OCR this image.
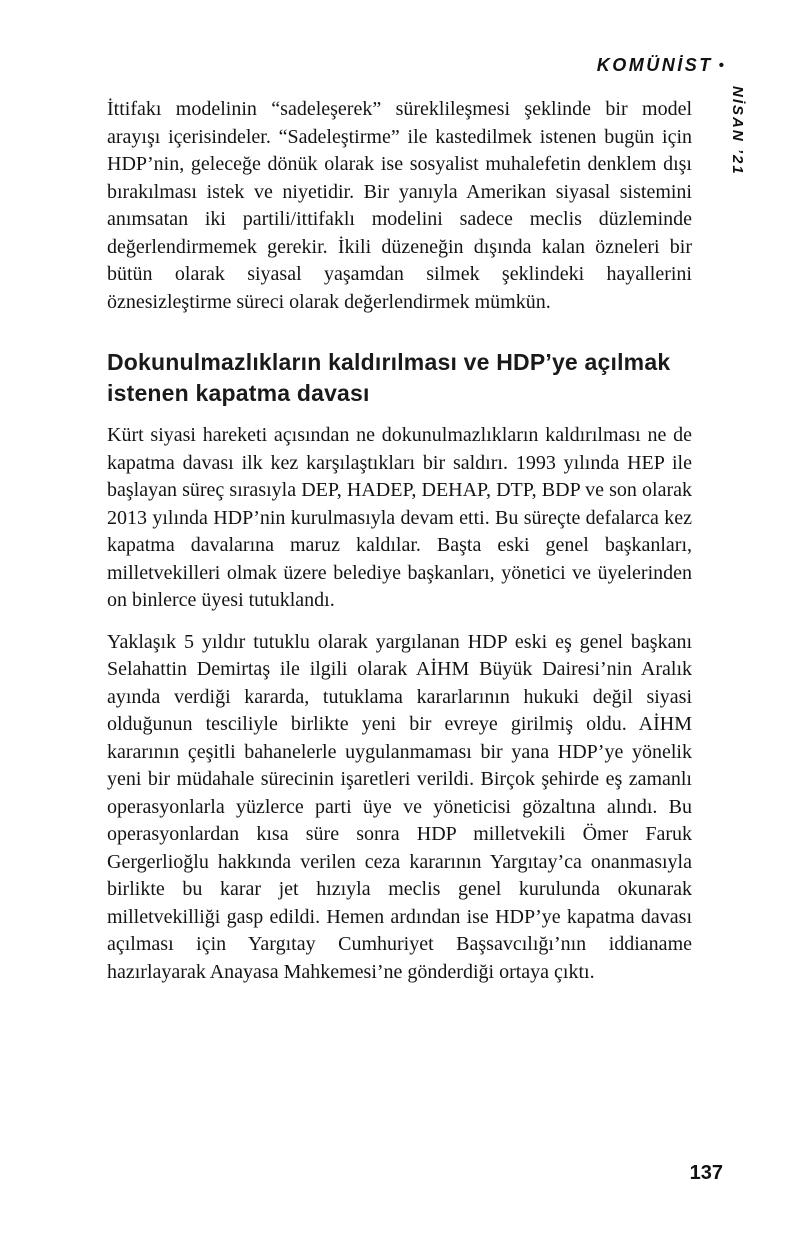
KOMÜNİST •
NİSAN ’21

İttifakı modelinin “sadeleşerek” süreklileşmesi şeklinde bir model arayışı içerisindeler. “Sadeleştirme” ile kastedilmek istenen bugün için HDP’nin, geleceğe dönük olarak ise sosyalist muhalefetin denklem dışı bırakılması istek ve niyetidir. Bir yanıyla Amerikan siyasal sistemini anımsatan iki partili/ittifaklı modelini sadece meclis düzleminde değerlendirmemek gerekir. İkili düzeneğin dışında kalan özneleri bir bütün olarak siyasal yaşamdan silmek şeklindeki hayallerini öznesizleştirme süreci olarak değerlendirmek mümkün.

Dokunulmazlıkların kaldırılması ve HDP’ye açılmak istenen kapatma davası

Kürt siyasi hareketi açısından ne dokunulmazlıkların kaldırılması ne de kapatma davası ilk kez karşılaştıkları bir saldırı. 1993 yılında HEP ile başlayan süreç sırasıyla DEP, HADEP, DEHAP, DTP, BDP ve son olarak 2013 yılında HDP’nin kurulmasıyla devam etti. Bu süreçte defalarca kez kapatma davalarına maruz kaldılar. Başta eski genel başkanları, milletvekilleri olmak üzere belediye başkanları, yönetici ve üyelerinden on binlerce üyesi tutuklandı.

Yaklaşık 5 yıldır tutuklu olarak yargılanan HDP eski eş genel başkanı Selahattin Demirtaş ile ilgili olarak AİHM Büyük Dairesi’nin Aralık ayında verdiği kararda, tutuklama kararlarının hukuki değil siyasi olduğunun tesciliyle birlikte yeni bir evreye girilmiş oldu. AİHM kararının çeşitli bahanelerle uygulanmaması bir yana HDP’ye yönelik yeni bir müdahale sürecinin işaretleri verildi. Birçok şehirde eş zamanlı operasyonlarla yüzlerce parti üye ve yöneticisi gözaltına alındı. Bu operasyonlardan kısa süre sonra HDP milletvekili Ömer Faruk Gergerlioğlu hakkında verilen ceza kararının Yargıtay’ca onanmasıyla birlikte bu karar jet hızıyla meclis genel kurulunda okunarak milletvekilliği gasp edildi. Hemen ardından ise HDP’ye kapatma davası açılması için Yargıtay Cumhuriyet Başsavcılığı’nın iddianame hazırlayarak Anayasa Mahkemesi’ne gönderdiği ortaya çıktı.

137
